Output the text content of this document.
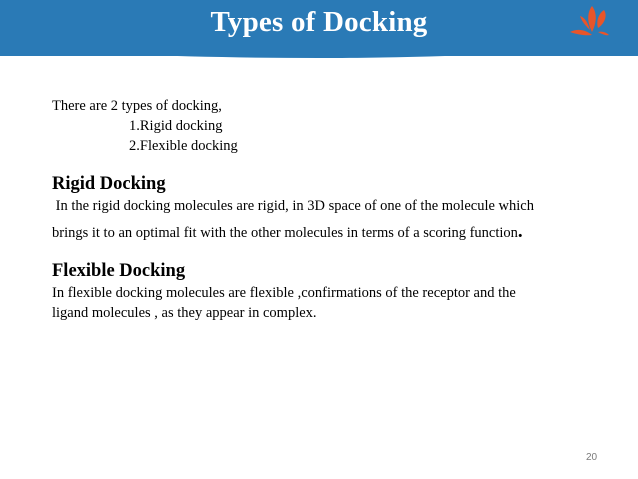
Types of Docking
There are 2 types of docking,
1.Rigid docking
2.Flexible docking
Rigid Docking
In the rigid docking molecules are rigid, in 3D space of one of the molecule which
brings it to an optimal fit with the other molecules in terms of a scoring function.
Flexible Docking
In flexible docking molecules are flexible ,confirmations of the receptor and the
ligand molecules , as they appear in complex.
20
